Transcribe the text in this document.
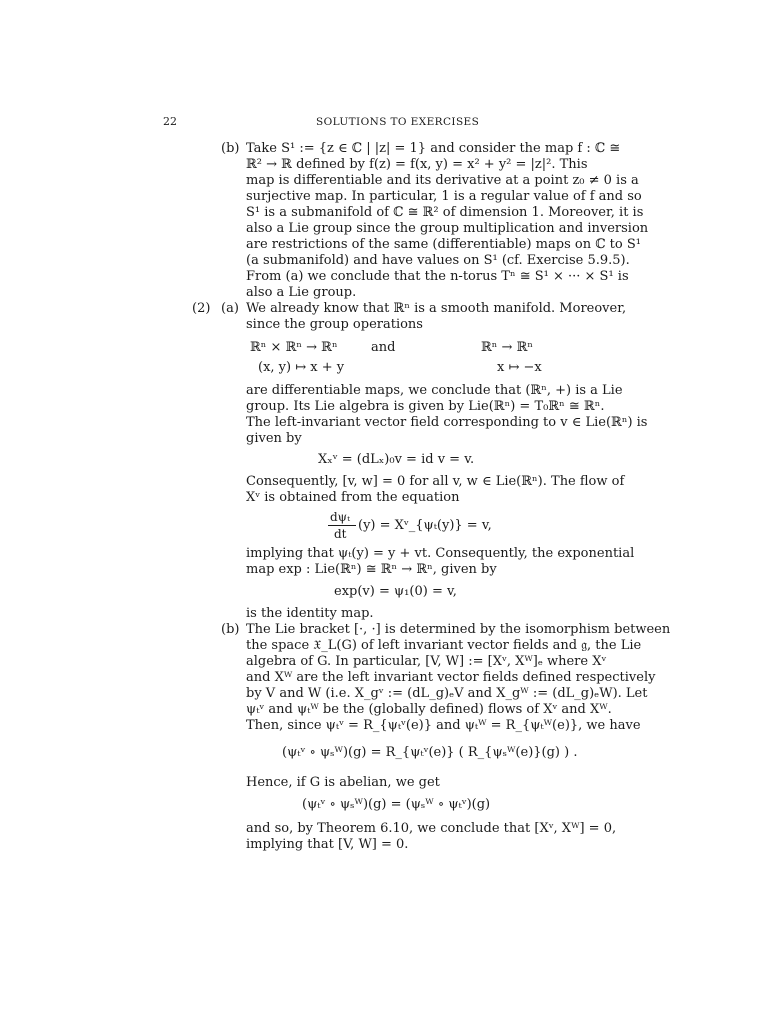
22	SOLUTIONS TO EXERCISES
(b) Take S¹ := {z ∈ ℂ | |z| = 1} and consider the map f : ℂ ≅
ℝ² → ℝ defined by f(z) = f(x, y) = x² + y² = |z|². This
map is differentiable and its derivative at a point z₀ ≠ 0 is a
surjective map. In particular, 1 is a regular value of f and so
S¹ is a submanifold of ℂ ≅ ℝ² of dimension 1. Moreover, it is
also a Lie group since the group multiplication and inversion
are restrictions of the same (differentiable) maps on ℂ to S¹
(a submanifold) and have values on S¹ (cf. Exercise 5.9.5).
From (a) we conclude that the n-torus Tⁿ ≅ S¹ × ··· × S¹ is
also a Lie group.
(2) (a) We already know that ℝⁿ is a smooth manifold. Moreover,
since the group operations
ℝⁿ × ℝⁿ → ℝⁿ	and	ℝⁿ → ℝⁿ
(x, y) ↦ x + y	x ↦ −x
are differentiable maps, we conclude that (ℝⁿ, +) is a Lie
group. Its Lie algebra is given by Lie(ℝⁿ) = T₀ℝⁿ ≅ ℝⁿ.
The left-invariant vector field corresponding to v ∈ Lie(ℝⁿ) is
given by
Xₓᵛ = (dLₓ)₀v = id v = v.
Consequently, [v, w] = 0 for all v, w ∈ Lie(ℝⁿ). The flow of
Xᵛ is obtained from the equation
dψₜ
dt
(y) = Xᵛ_{ψₜ(y)} = v,
implying that ψₜ(y) = y + vt. Consequently, the exponential
map exp : Lie(ℝⁿ) ≅ ℝⁿ → ℝⁿ, given by
exp(v) = ψ₁(0) = v,
is the identity map.
(b) The Lie bracket [·, ·] is determined by the isomorphism between
the space 𝔛_L(G) of left invariant vector fields and 𝔤, the Lie
algebra of G. In particular, [V, W] := [Xᵛ, Xᵂ]ₑ where Xᵛ
and Xᵂ are the left invariant vector fields defined respectively
by V and W (i.e. X_gᵛ := (dL_g)ₑV and X_gᵂ := (dL_g)ₑW). Let
ψₜᵛ and ψₜᵂ be the (globally defined) flows of Xᵛ and Xᵂ.
Then, since ψₜᵛ = R_{ψₜᵛ(e)} and ψₜᵂ = R_{ψₜᵂ(e)}, we have
(ψₜᵛ ∘ ψₛᵂ)(g) = R_{ψₜᵛ(e)} ( R_{ψₛᵂ(e)}(g) ) .
Hence, if G is abelian, we get
(ψₜᵛ ∘ ψₛᵂ)(g) = (ψₛᵂ ∘ ψₜᵛ)(g)
and so, by Theorem 6.10, we conclude that [Xᵛ, Xᵂ] = 0,
implying that [V, W] = 0.
